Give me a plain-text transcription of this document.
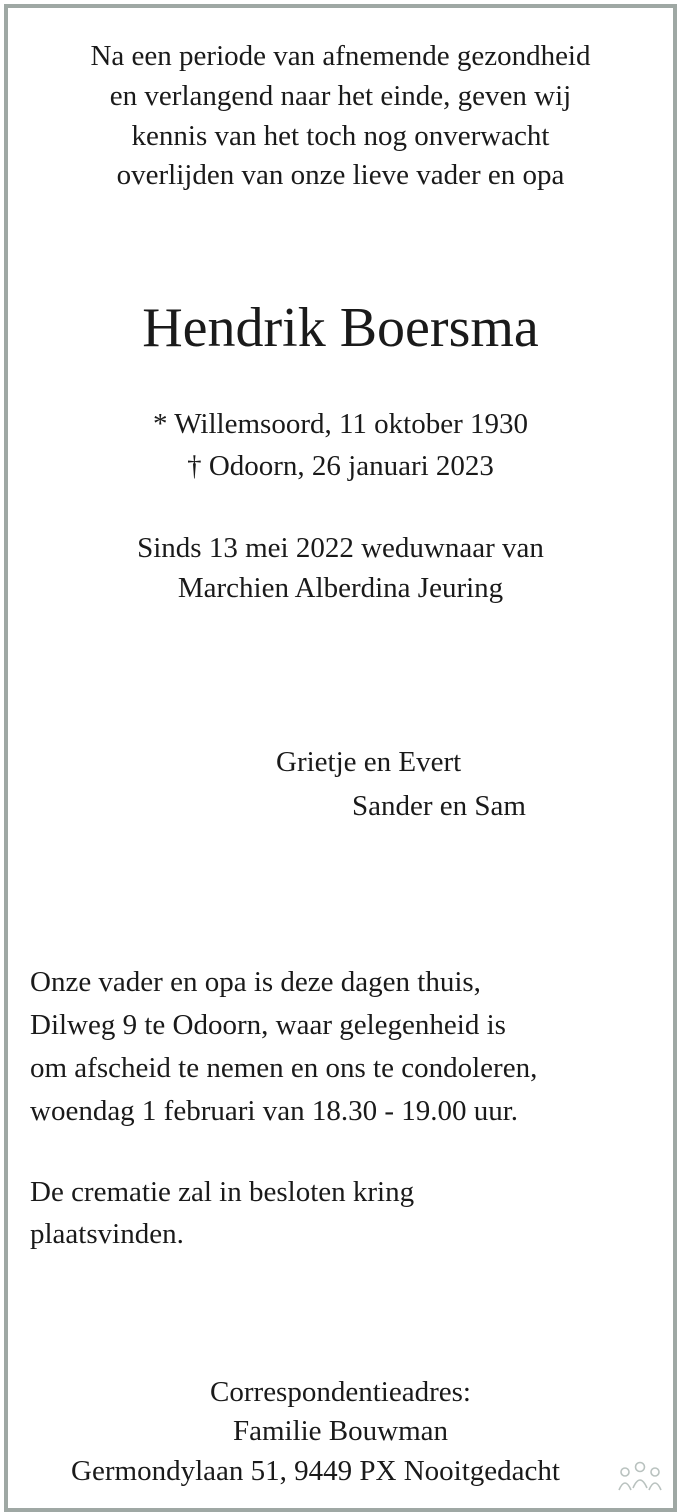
Na een periode van afnemende gezondheid
en verlangend naar het einde, geven wij
kennis van het toch nog onverwacht
overlijden van onze lieve vader en opa
Hendrik Boersma
* Willemsoord, 11 oktober 1930
† Odoorn, 26 januari 2023
Sinds 13 mei 2022 weduwnaar van
Marchien Alberdina Jeuring
Grietje en Evert
Sander en Sam
Onze vader en opa is deze dagen thuis,
Dilweg 9 te Odoorn, waar gelegenheid is
om afscheid te nemen en ons te condoleren,
woendag 1 februari van 18.30 - 19.00 uur.
De crematie zal in besloten kring
plaatsvinden.
Correspondentieadres:
Familie Bouwman
Germondylaan 51, 9449 PX Nooitgedacht
